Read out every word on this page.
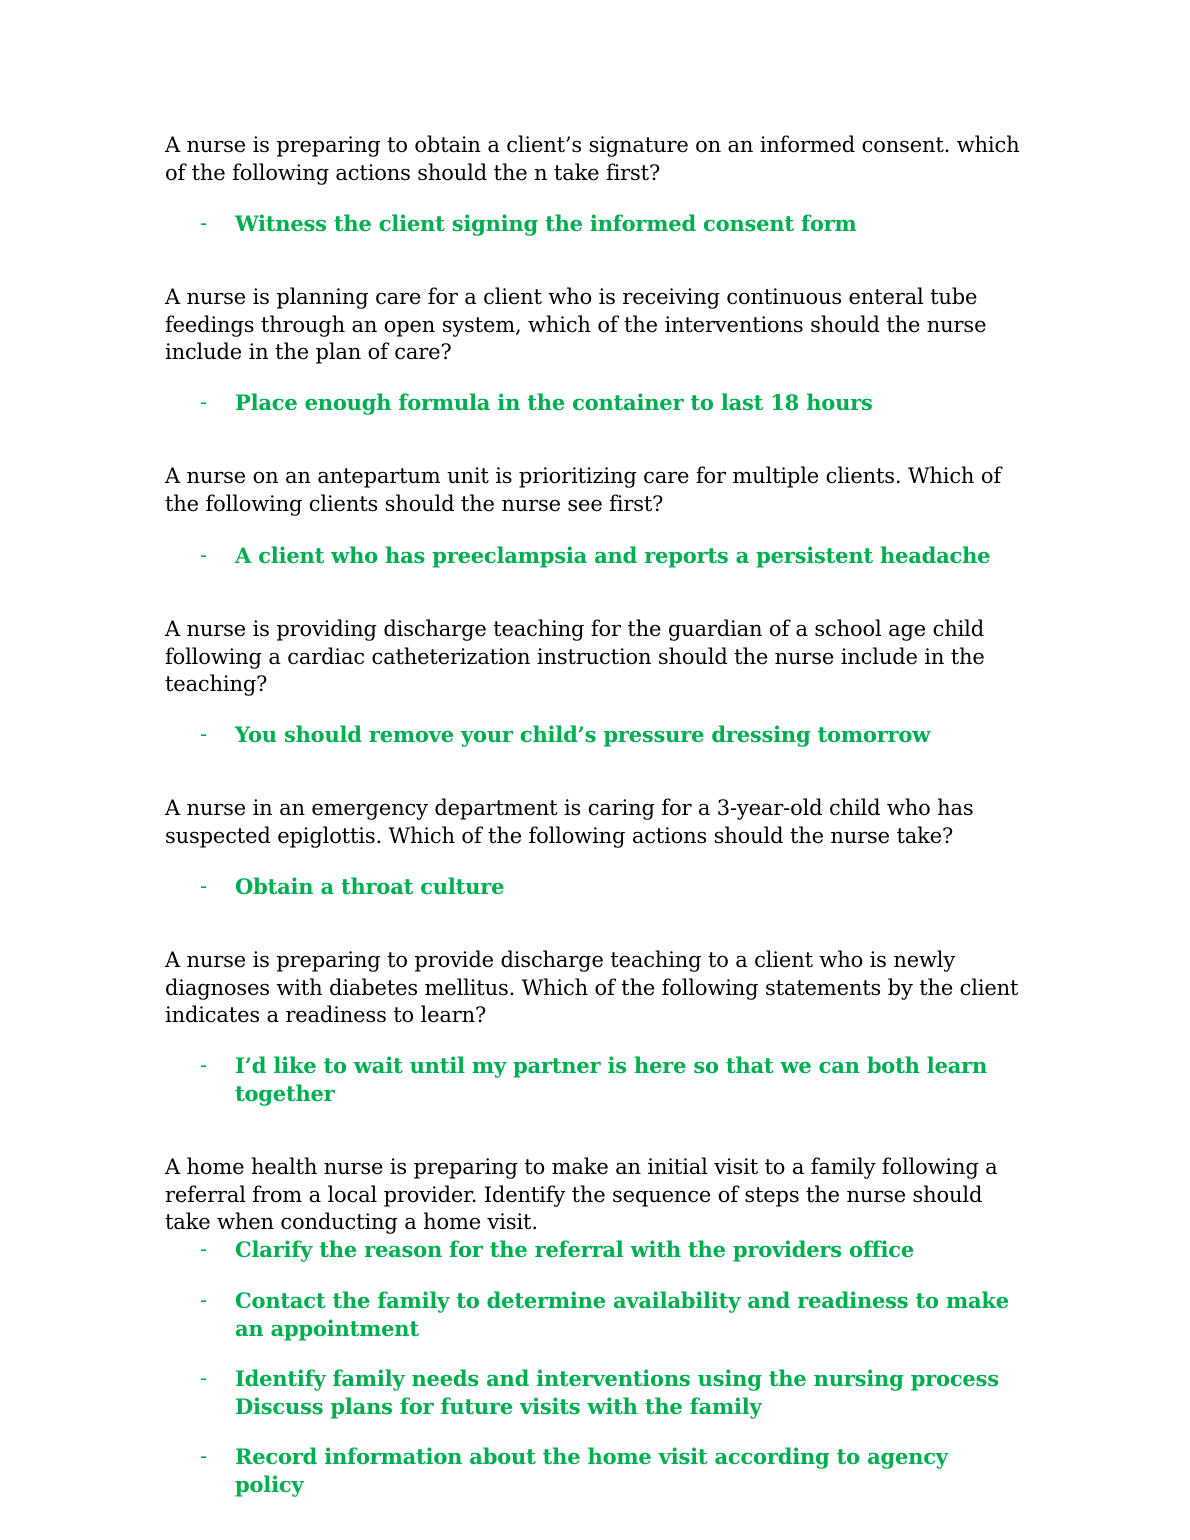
A nurse is preparing to obtain a client’s signature on an informed consent. which of the following actions should the n take first?

-	Witness the client signing the informed consent form

A nurse is planning care for a client who is receiving continuous enteral tube feedings through an open system, which of the interventions should the nurse include in the plan of care?

-	Place enough formula in the container to last 18 hours

A nurse on an antepartum unit is prioritizing care for multiple clients. Which of the following clients should the nurse see first?

-	A client who has preeclampsia and reports a persistent headache

A nurse is providing discharge teaching for the guardian of a school age child following a cardiac catheterization instruction should the nurse include in the teaching?

-	You should remove your child’s pressure dressing tomorrow

A nurse in an emergency department is caring for a 3-year-old child who has suspected epiglottis. Which of the following actions should the nurse take?

-	Obtain a throat culture

A nurse is preparing to provide discharge teaching to a client who is newly diagnoses with diabetes mellitus. Which of the following statements by the client indicates a readiness to learn?

-	I’d like to wait until my partner is here so that we can both learn together

A home health nurse is preparing to make an initial visit to a family following a referral from a local provider. Identify the sequence of steps the nurse should take when conducting a home visit.

-	Clarify the reason for the referral with the providers office
-	Contact the family to determine availability and readiness to make an appointment
-	Identify family needs and interventions using the nursing process Discuss plans for future visits with the family
-	Record information about the home visit according to agency policy
